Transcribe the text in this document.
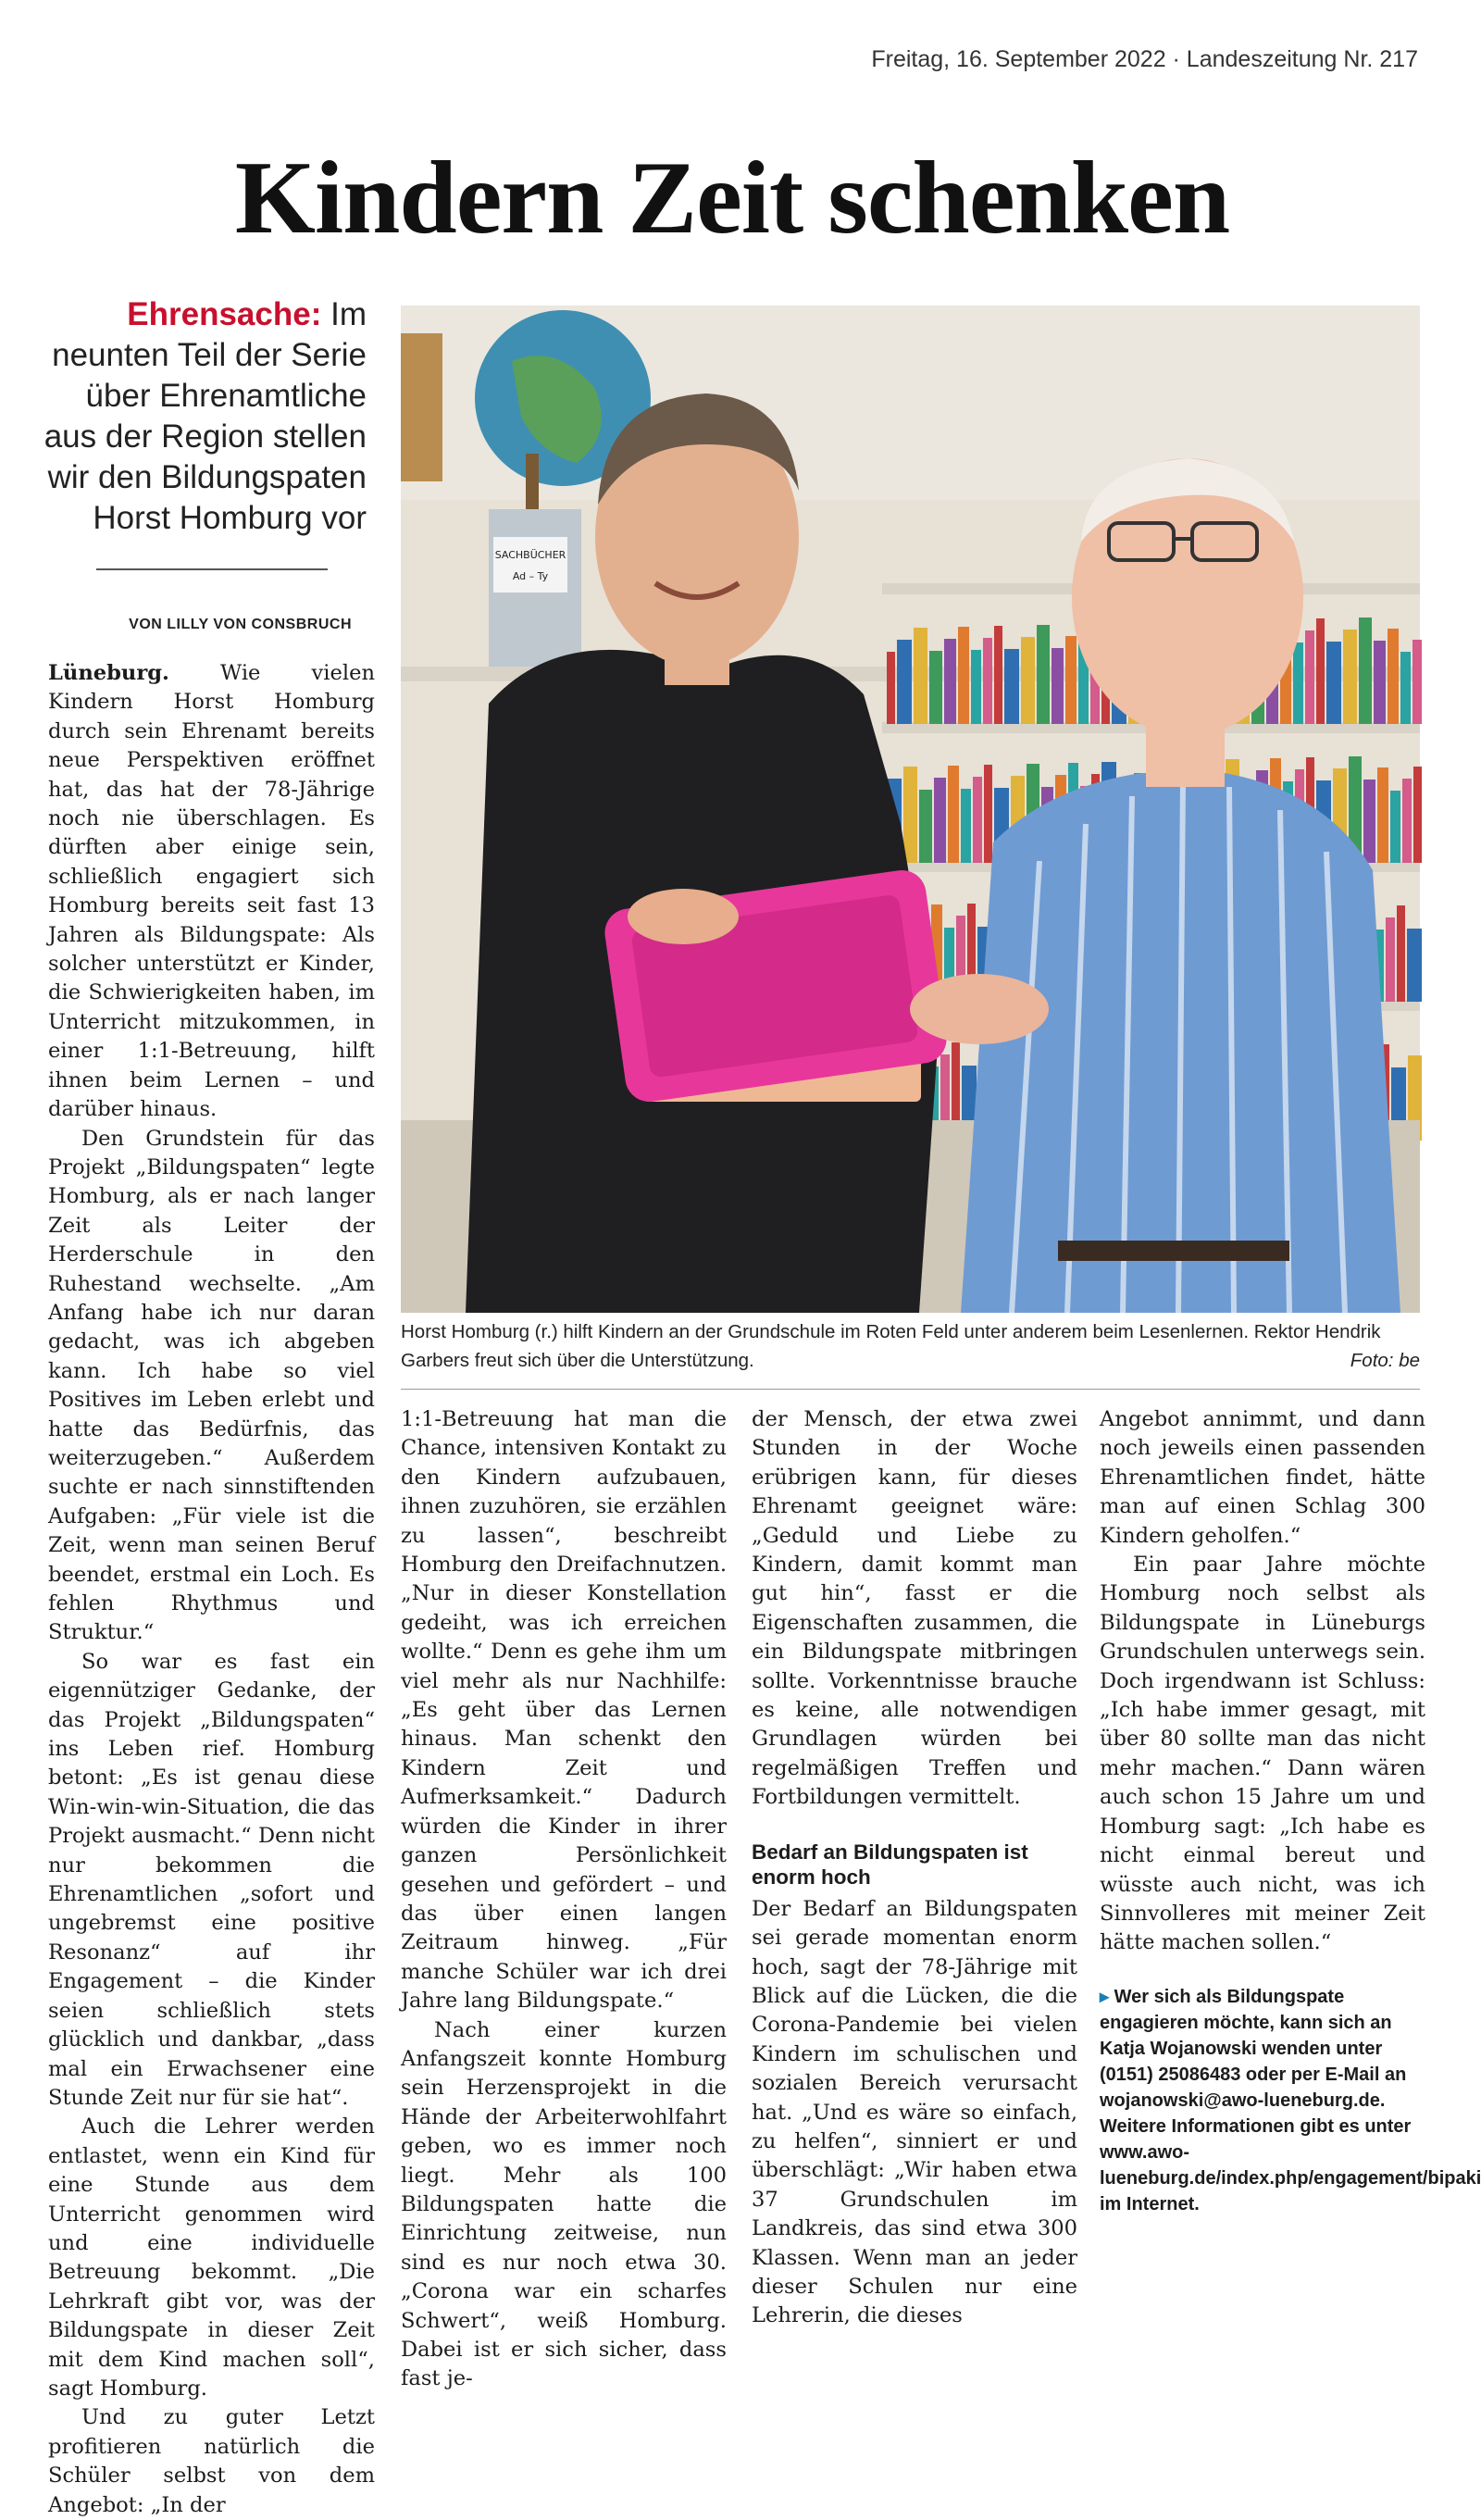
Freitag, 16. September 2022 · Landeszeitung Nr. 217
Kindern Zeit schenken
Ehrensache: Im neunten Teil der Serie über Ehrenamtliche aus der Region stellen wir den Bildungspaten Horst Homburg vor
VON LILLY VON CONSBRUCH

Lüneburg. Wie vielen Kindern Horst Homburg durch sein Ehrenamt bereits neue Perspektiven eröffnet hat, das hat der 78-Jährige noch nie überschlagen. Es dürften aber einige sein, schließlich engagiert sich Homburg bereits seit fast 13 Jahren als Bildungspate: Als solcher unterstützt er Kinder, die Schwierigkeiten haben, im Unterricht mitzukommen, in einer 1:1-Betreuung, hilft ihnen beim Lernen – und darüber hinaus.

Den Grundstein für das Projekt „Bildungspaten“ legte Homburg, als er nach langer Zeit als Leiter der Herderschule in den Ruhestand wechselte. „Am Anfang habe ich nur daran gedacht, was ich abgeben kann. Ich habe so viel Positives im Leben erlebt und hatte das Bedürfnis, das weiterzugeben.“ Außerdem suchte er nach sinnstiftenden Aufgaben: „Für viele ist die Zeit, wenn man seinen Beruf beendet, erstmal ein Loch. Es fehlen Rhythmus und Struktur.“

So war es fast ein eigennütziger Gedanke, der das Projekt „Bildungspaten“ ins Leben rief. Homburg betont: „Es ist genau diese Win-win-win-Situation, die das Projekt ausmacht.“ Denn nicht nur bekommen die Ehrenamtlichen „sofort und ungebremst eine positive Resonanz“ auf ihr Engagement – die Kinder seien schließlich stets glücklich und dankbar, „dass mal ein Erwachsener eine Stunde Zeit nur für sie hat“.

Auch die Lehrer werden entlastet, wenn ein Kind für eine Stunde aus dem Unterricht genommen wird und eine individuelle Betreuung bekommt. „Die Lehrkraft gibt vor, was der Bildungspate in dieser Zeit mit dem Kind machen soll“, sagt Homburg.

Und zu guter Letzt profitieren natürlich die Schüler selbst von dem Angebot: „In der

SACHBÜCHER
Ad – Ty
Horst Homburg (r.) hilft Kindern an der Grundschule im Roten Feld unter anderem beim Lesenlernen. Rektor Hendrik Garbers freut sich über die Unterstützung.	Foto: be

1:1-Betreuung hat man die Chance, intensiven Kontakt zu den Kindern aufzubauen, ihnen zuzuhören, sie erzählen zu lassen“, beschreibt Homburg den Dreifachnutzen. „Nur in dieser Konstellation gedeiht, was ich erreichen wollte.“ Denn es gehe ihm um viel mehr als nur Nachhilfe: „Es geht über das Lernen hinaus. Man schenkt den Kindern Zeit und Aufmerksamkeit.“ Dadurch würden die Kinder in ihrer ganzen Persönlichkeit gesehen und gefördert – und das über einen langen Zeitraum hinweg. „Für manche Schüler war ich drei Jahre lang Bildungspate.“

Nach einer kurzen Anfangszeit konnte Homburg sein Herzensprojekt in die Hände der Arbeiterwohlfahrt geben, wo es immer noch liegt. Mehr als 100 Bildungspaten hatte die Einrichtung zeitweise, nun sind es nur noch etwa 30. „Corona war ein scharfes Schwert“, weiß Homburg. Dabei ist er sich sicher, dass fast je-

der Mensch, der etwa zwei Stunden in der Woche erübrigen kann, für dieses Ehrenamt geeignet wäre: „Geduld und Liebe zu Kindern, damit kommt man gut hin“, fasst er die Eigenschaften zusammen, die ein Bildungspate mitbringen sollte. Vorkenntnisse brauche es keine, alle notwendigen Grundlagen würden bei regelmäßigen Treffen und Fortbildungen vermittelt.

Bedarf an Bildungspaten ist enorm hoch

Der Bedarf an Bildungspaten sei gerade momentan enorm hoch, sagt der 78-Jährige mit Blick auf die Lücken, die die Corona-Pandemie bei vielen Kindern im schulischen und sozialen Bereich verursacht hat. „Und es wäre so einfach, zu helfen“, sinniert er und überschlägt: „Wir haben etwa 37 Grundschulen im Landkreis, das sind etwa 300 Klassen. Wenn man an jeder dieser Schulen nur eine Lehrerin, die dieses

Angebot annimmt, und dann noch jeweils einen passenden Ehrenamtlichen findet, hätte man auf einen Schlag 300 Kindern geholfen.“

Ein paar Jahre möchte Homburg noch selbst als Bildungspate in Lüneburgs Grundschulen unterwegs sein. Doch irgendwann ist Schluss: „Ich habe immer gesagt, mit über 80 sollte man das nicht mehr machen.“ Dann wären auch schon 15 Jahre um und Homburg sagt: „Ich habe es nicht einmal bereut und wüsste auch nicht, was ich Sinnvolleres mit meiner Zeit hätte machen sollen.“

▸ Wer sich als Bildungspate engagieren möchte, kann sich an Katja Wojanowski wenden unter (0151) 25086483 oder per E-Mail an wojanowski@awo-lueneburg.de. Weitere Informationen gibt es unter www.awo-lueneburg.de/index.php/engagement/bipaki im Internet.
